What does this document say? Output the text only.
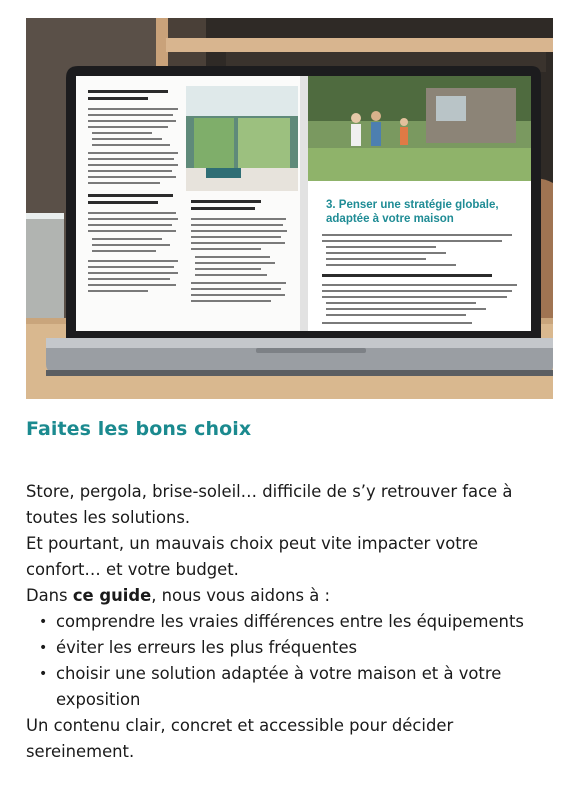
3. Penser une stratégie globale,
adaptée à votre maison
Faites les bons choix

Store, pergola, brise-soleil… difficile de s’y retrouver face à toutes les solutions.

Et pourtant, un mauvais choix peut vite impacter votre confort… et votre budget.

Dans ce guide, nous vous aidons à :

• comprendre les vraies différences entre les équipements
• éviter les erreurs les plus fréquentes
• choisir une solution adaptée à votre maison et à votre exposition

Un contenu clair, concret et accessible pour décider sereinement.
